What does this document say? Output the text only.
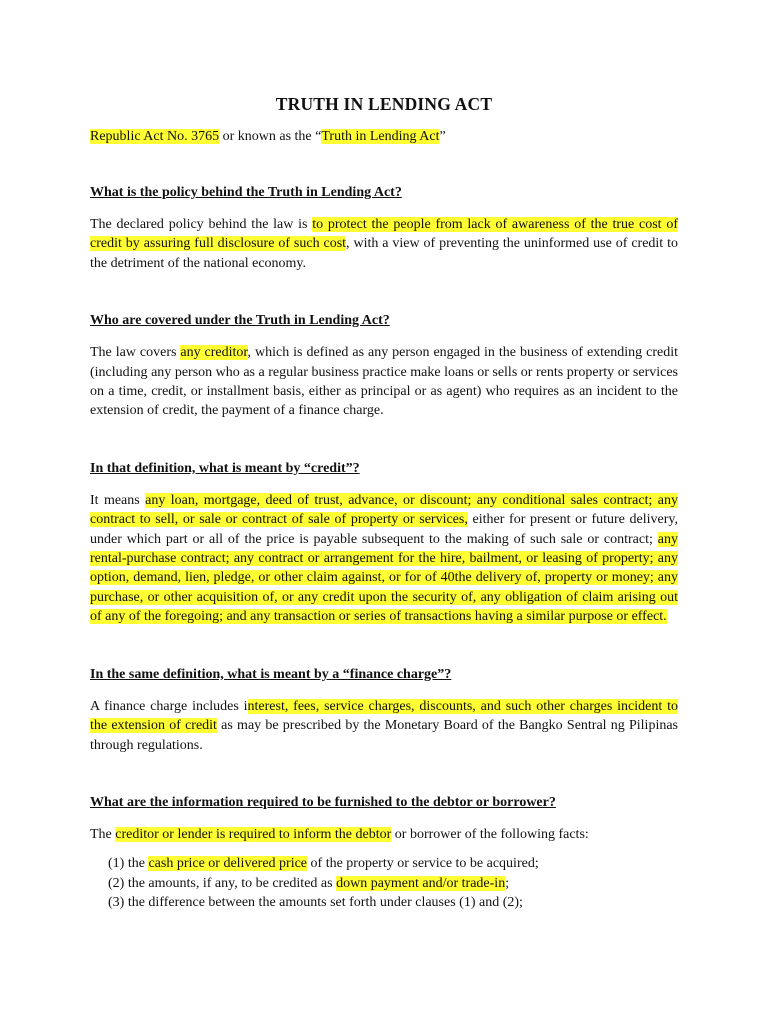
TRUTH IN LENDING ACT

Republic Act No. 3765 or known as the “Truth in Lending Act”

What is the policy behind the Truth in Lending Act?

The declared policy behind the law is to protect the people from lack of awareness of the true cost of credit by assuring full disclosure of such cost, with a view of preventing the uninformed use of credit to the detriment of the national economy.

Who are covered under the Truth in Lending Act?

The law covers any creditor, which is defined as any person engaged in the business of extending credit (including any person who as a regular business practice make loans or sells or rents property or services on a time, credit, or installment basis, either as principal or as agent) who requires as an incident to the extension of credit, the payment of a finance charge.

In that definition, what is meant by “credit”?

It means any loan, mortgage, deed of trust, advance, or discount; any conditional sales contract; any contract to sell, or sale or contract of sale of property or services, either for present or future delivery, under which part or all of the price is payable subsequent to the making of such sale or contract; any rental-purchase contract; any contract or arrangement for the hire, bailment, or leasing of property; any option, demand, lien, pledge, or other claim against, or for of 40the delivery of, property or money; any purchase, or other acquisition of, or any credit upon the security of, any obligation of claim arising out of any of the foregoing; and any transaction or series of transactions having a similar purpose or effect.

In the same definition, what is meant by a “finance charge”?

A finance charge includes interest, fees, service charges, discounts, and such other charges incident to the extension of credit as may be prescribed by the Monetary Board of the Bangko Sentral ng Pilipinas through regulations.

What are the information required to be furnished to the debtor or borrower?

The creditor or lender is required to inform the debtor or borrower of the following facts:

(1) the cash price or delivered price of the property or service to be acquired;
(2) the amounts, if any, to be credited as down payment and/or trade-in;
(3) the difference between the amounts set forth under clauses (1) and (2);
